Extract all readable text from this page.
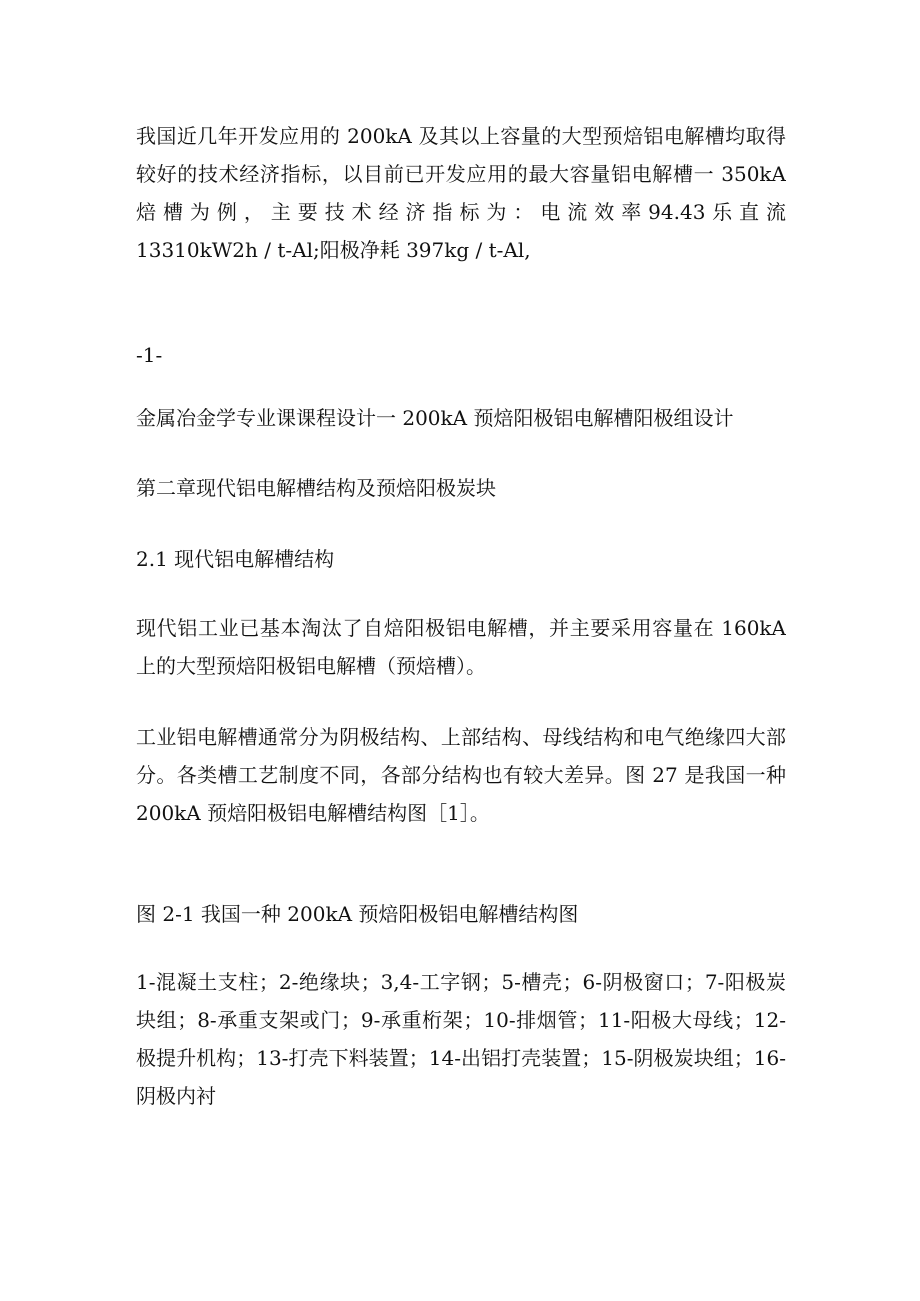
我国近几年开发应用的 200kA 及其以上容量的大型预焙铝电解槽均取得
较好的技术经济指标，以目前已开发应用的最大容量铝电解槽一 350kA
焙 槽 为 例 ， 主 要 技 术 经 济 指 标 为 ： 电 流 效 率 94.43 乐 直 流
13310kW2h / t-Al;阳极净耗 397kg / t-Al,
-1-
金属冶金学专业课课程设计一 200kA 预焙阳极铝电解槽阳极组设计
第二章现代铝电解槽结构及预焙阳极炭块
2.1 现代铝电解槽结构
现代铝工业已基本淘汰了自焙阳极铝电解槽，并主要采用容量在 160kA
上的大型预焙阳极铝电解槽（预焙槽）。
工业铝电解槽通常分为阴极结构、上部结构、母线结构和电气绝缘四大部
分。各类槽工艺制度不同，各部分结构也有较大差异。图 27 是我国一种
200kA 预焙阳极铝电解槽结构图［1］。
图 2-1 我国一种 200kA 预焙阳极铝电解槽结构图
1-混凝土支柱；2-绝缘块；3,4-工字钢；5-槽壳；6-阴极窗口；7-阳极炭
块组；8-承重支架或门；9-承重桁架；10-排烟管；11-阳极大母线；12-
极提升机构；13-打壳下料装置；14-出铝打壳装置；15-阴极炭块组；16-
阴极内衬
